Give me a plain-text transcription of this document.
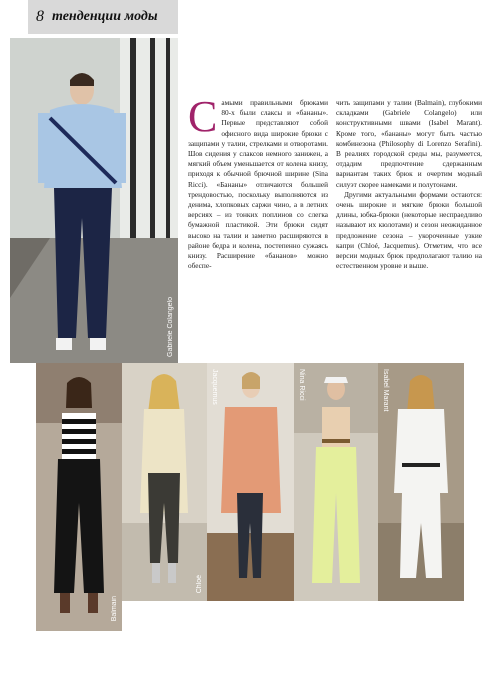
8 тенденции моды
Gabriele Colangelo

Самыми правильными брюками 80-х были слаксы и «бананы». Первые представляют собой офисного вида широкие брюки с защипами у талии, стрелками и отворотами. Шов сидения у слаксов немного занижен, а мягкий объем уменьшается от колена книзу, приходя к обычной брючной ширине (Sina Ricci). «Бананы» отличаются большей трендовостью, поскольку выполняются из денима, хлопковых саржи чино, а в летних версиях – из тонких поплинов со слегка бумажной пластикой. Эти брюки сидят высоко на талии и заметно расширяются в районе бедра и колена, постепенно сужаясь книзу. Расширение «бананов» можно обеспе-

чить защипами у талии (Balmain), глубокими складками (Gabriele Colangelo) или конструктивными швами (Isabel Marant). Кроме того, «бананы» могут быть частью комбинезона (Philosophy di Lorenzo Serafini). В реалиях городской среды мы, разумеется, отдадим предпочтение сдержанным вариантам таких брюк и очертим модный силуэт скорее намеками и полутонами.

Другими актуальными формами остаются: очень широкие и мягкие брюки большой длины, юбка-брюки (некоторые неспраедливо называют их кюлотами) и сезон неожиданное предложение сезона – укороченные узкие капри (Chloé, Jacquemus). Отметим, что все версии модных брюк предполагают талию на естественном уровне и выше.

Balmain
Chloé
Jacquemus	Nina Ricci	Isabel Marant
